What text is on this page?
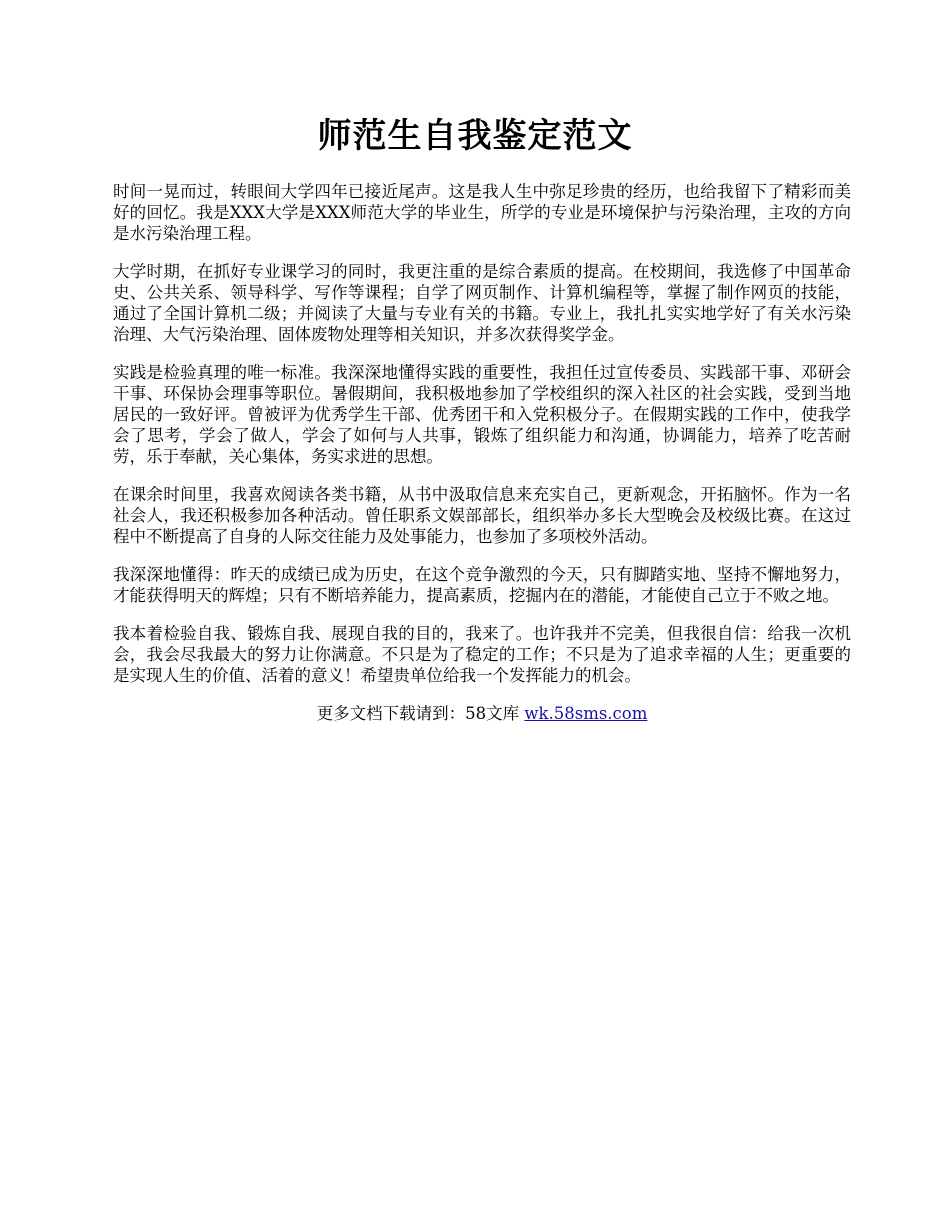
师范生自我鉴定范文

时间一晃而过，转眼间大学四年已接近尾声。这是我人生中弥足珍贵的经历，也给我留下了精彩而美好的回忆。我是XXX大学是XXX师范大学的毕业生，所学的专业是环境保护与污染治理，主攻的方向是水污染治理工程。

大学时期，在抓好专业课学习的同时，我更注重的是综合素质的提高。在校期间，我选修了中国革命史、公共关系、领导科学、写作等课程；自学了网页制作、计算机编程等，掌握了制作网页的技能，通过了全国计算机二级；并阅读了大量与专业有关的书籍。专业上，我扎扎实实地学好了有关水污染治理、大气污染治理、固体废物处理等相关知识，并多次获得奖学金。

实践是检验真理的唯一标准。我深深地懂得实践的重要性，我担任过宣传委员、实践部干事、邓研会干事、环保协会理事等职位。暑假期间，我积极地参加了学校组织的深入社区的社会实践，受到当地居民的一致好评。曾被评为优秀学生干部、优秀团干和入党积极分子。在假期实践的工作中，使我学会了思考，学会了做人，学会了如何与人共事，锻炼了组织能力和沟通，协调能力，培养了吃苦耐劳，乐于奉献，关心集体，务实求进的思想。

在课余时间里，我喜欢阅读各类书籍，从书中汲取信息来充实自己，更新观念，开拓脑怀。作为一名社会人，我还积极参加各种活动。曾任职系文娱部部长，组织举办多长大型晚会及校级比赛。在这过程中不断提高了自身的人际交往能力及处事能力，也参加了多项校外活动。

我深深地懂得：昨天的成绩已成为历史，在这个竞争激烈的今天，只有脚踏实地、坚持不懈地努力，才能获得明天的辉煌；只有不断培养能力，提高素质，挖掘内在的潜能，才能使自己立于不败之地。

我本着检验自我、锻炼自我、展现自我的目的，我来了。也许我并不完美，但我很自信：给我一次机会，我会尽我最大的努力让你满意。不只是为了稳定的工作；不只是为了追求幸福的人生；更重要的是实现人生的价值、活着的意义！希望贵单位给我一个发挥能力的机会。

更多文档下载请到：58文库 wk.58sms.com
